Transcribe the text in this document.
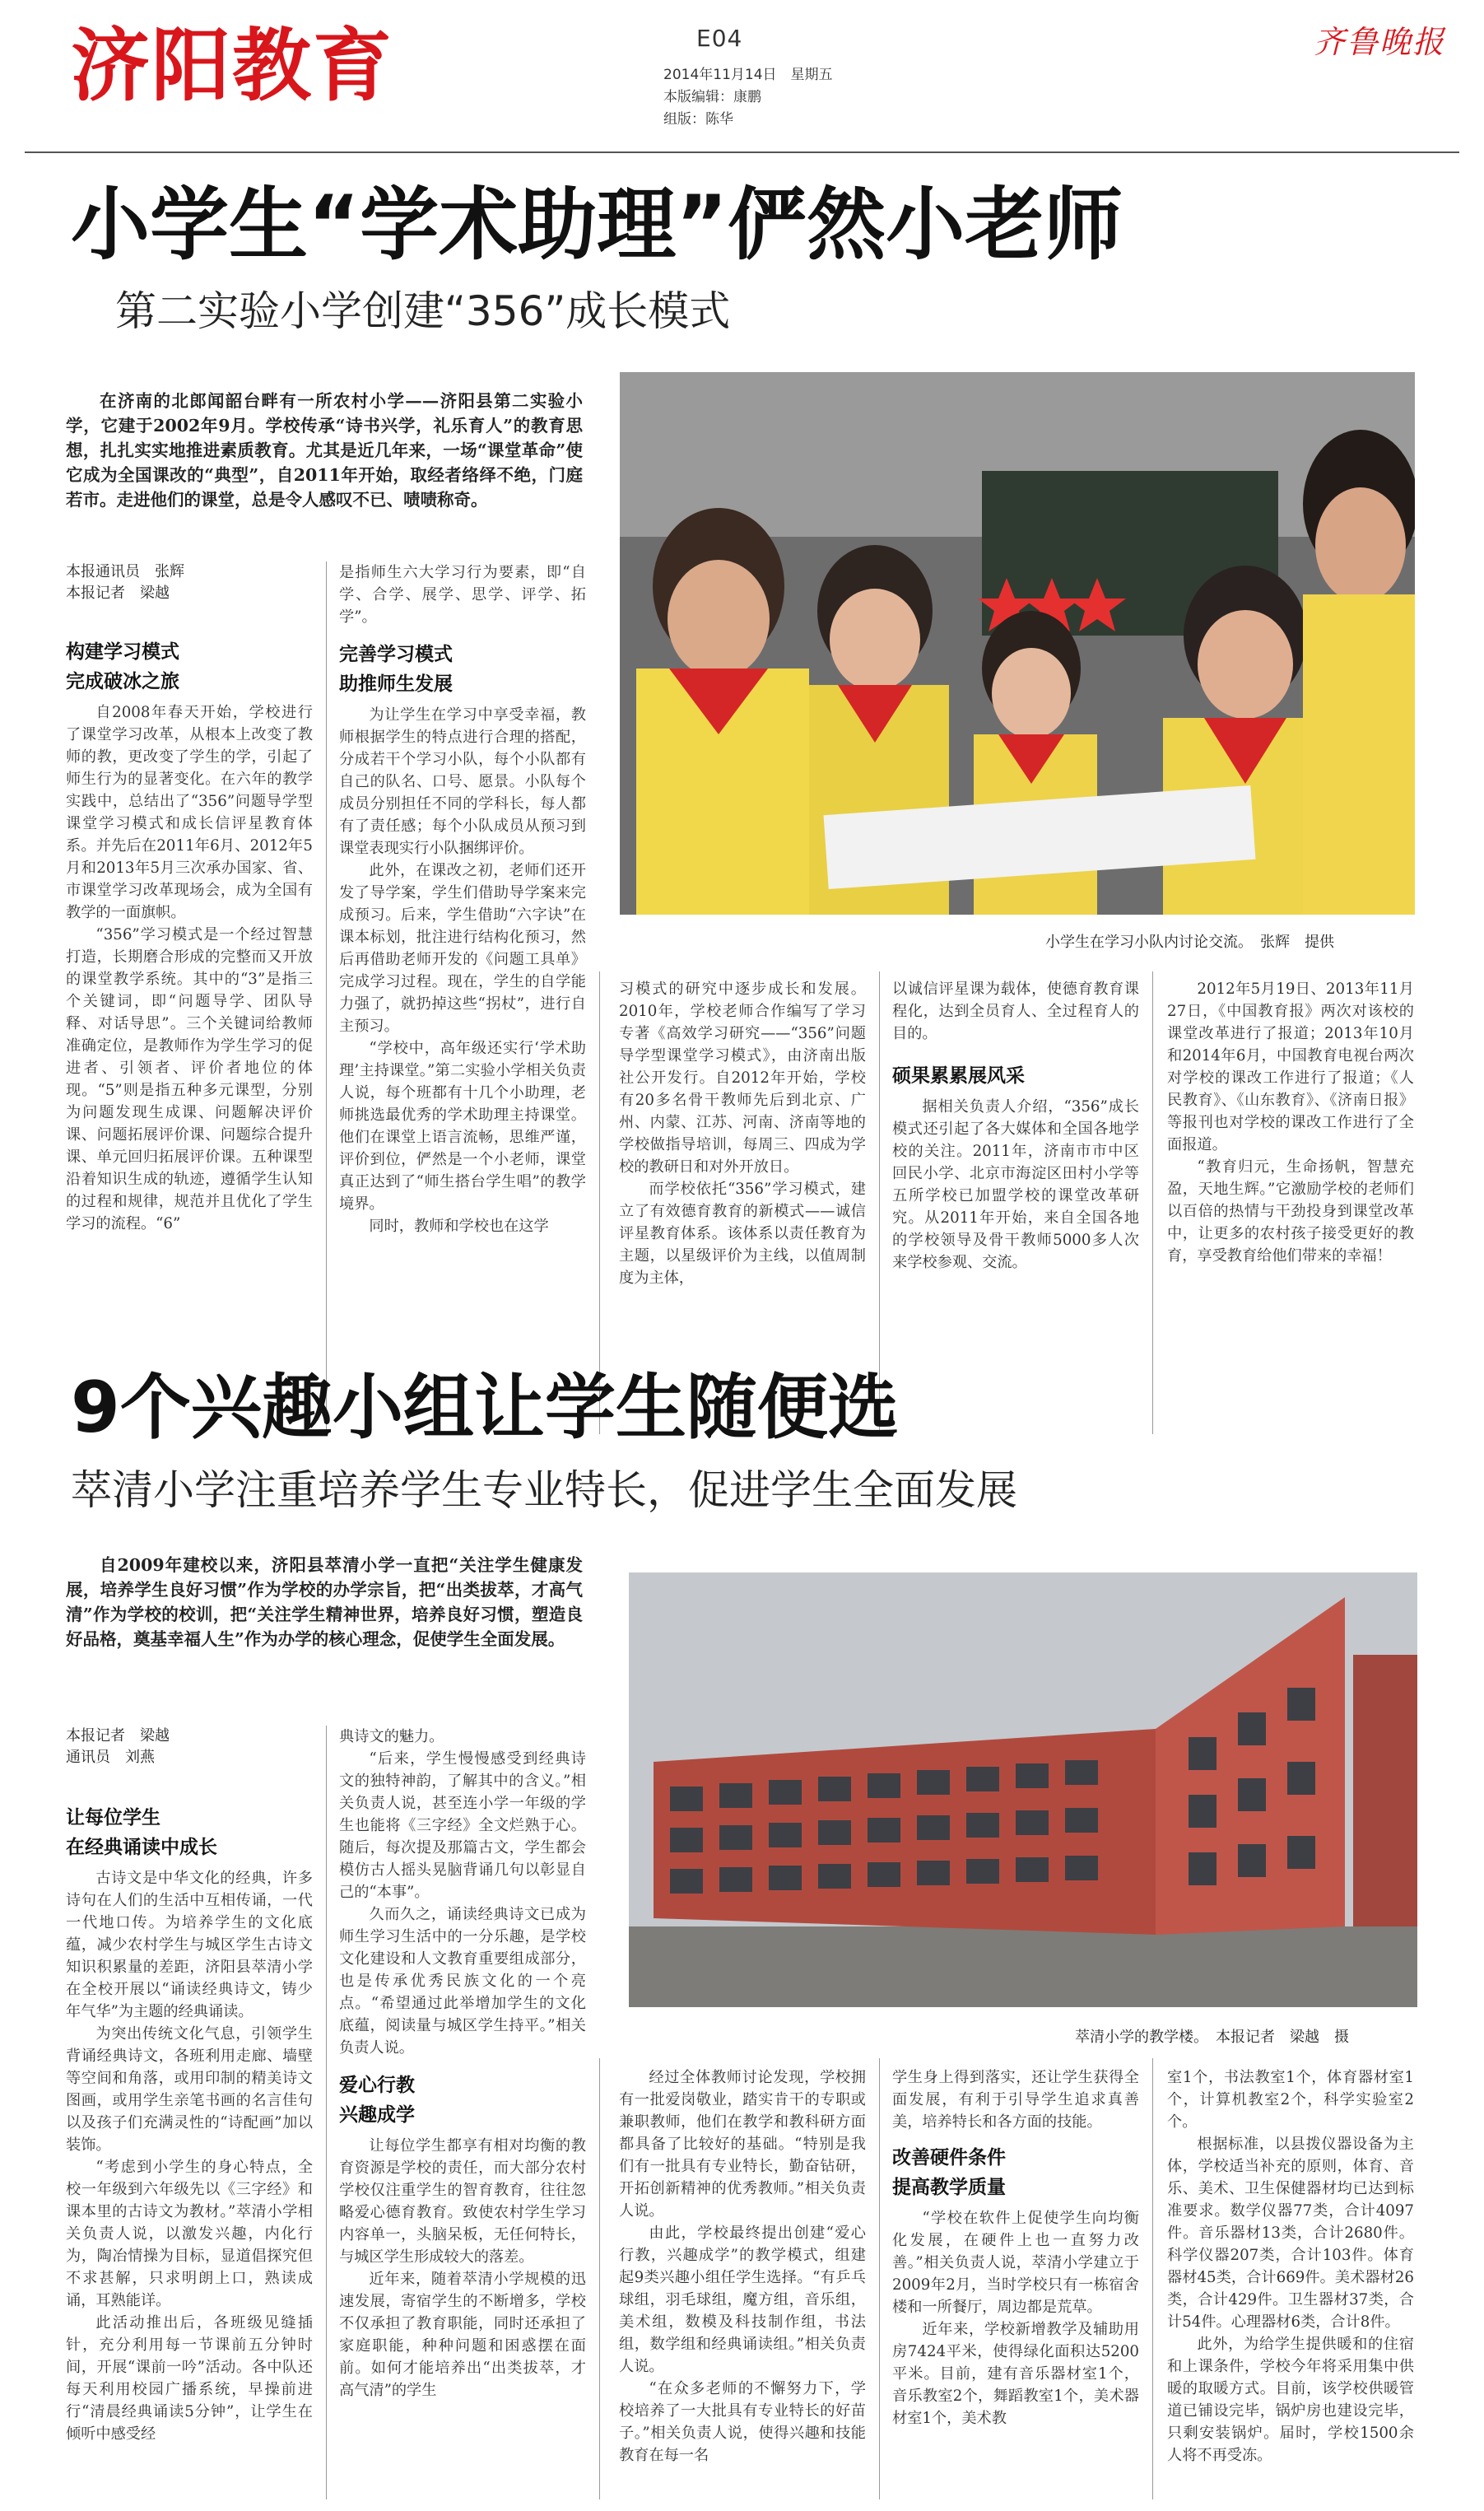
济阳教育	E04
2014年11月14日　星期五
本版编辑：康鹏
组版：陈华
齐鲁晚报
小学生“学术助理”俨然小老师
第二实验小学创建“356”成长模式
在济南的北郎闻韶台畔有一所农村小学——济阳县第二实验小学，它建于2002年9月。学校传承“诗书兴学，礼乐育人”的教育思想，扎扎实实地推进素质教育。尤其是近几年来，一场“课堂革命”使它成为全国课改的“典型”，自2011年开始，取经者络绎不绝，门庭若市。走进他们的课堂，总是令人感叹不已、啧啧称奇。
小学生在学习小队内讨论交流。　张辉　提供
本报通讯员　张辉
本报记者　梁越
构建学习模式
完成破冰之旅

自2008年春天开始，学校进行了课堂学习改革，从根本上改变了教师的教，更改变了学生的学，引起了师生行为的显著变化。在六年的教学实践中，总结出了“356”问题导学型课堂学习模式和成长信评星教育体系。并先后在2011年6月、2012年5月和2013年5月三次承办国家、省、市课堂学习改革现场会，成为全国有教学的一面旗帜。

“356”学习模式是一个经过智慧打造，长期磨合形成的完整而又开放的课堂教学系统。其中的“3”是指三个关键词，即“问题导学、团队导释、对话导思”。三个关键词给教师准确定位，是教师作为学生学习的促进者、引领者、评价者地位的体现。“5”则是指五种多元课型，分别为问题发现生成课、问题解决评价课、问题拓展评价课、问题综合提升课、单元回归拓展评价课。五种课型沿着知识生成的轨迹，遵循学生认知的过程和规律，规范并且优化了学生学习的流程。“6”

是指师生六大学习行为要素，即“自学、合学、展学、思学、评学、拓学”。

完善学习模式
助推师生发展

为让学生在学习中享受幸福，教师根据学生的特点进行合理的搭配，分成若干个学习小队，每个小队都有自己的队名、口号、愿景。小队每个成员分别担任不同的学科长，每人都有了责任感；每个小队成员从预习到课堂表现实行小队捆绑评价。

此外，在课改之初，老师们还开发了导学案，学生们借助导学案来完成预习。后来，学生借助“六字诀”在课本标划，批注进行结构化预习，然后再借助老师开发的《问题工具单》完成学习过程。现在，学生的自学能力强了，就扔掉这些“拐杖”，进行自主预习。

“学校中，高年级还实行‘学术助理’主持课堂。”第二实验小学相关负责人说，每个班都有十几个小助理，老师挑选最优秀的学术助理主持课堂。他们在课堂上语言流畅，思维严谨，评价到位，俨然是一个小老师，课堂真正达到了“师生搭台学生唱”的教学境界。

同时，教师和学校也在这学

习模式的研究中逐步成长和发展。2010年，学校老师合作编写了学习专著《高效学习研究——“356”问题导学型课堂学习模式》，由济南出版社公开发行。自2012年开始，学校有20多名骨干教师先后到北京、广州、内蒙、江苏、河南、济南等地的学校做指导培训，每周三、四成为学校的教研日和对外开放日。

而学校依托“356”学习模式，建立了有效德育教育的新模式——诚信评星教育体系。该体系以责任教育为主题，以星级评价为主线，以值周制度为主体，

以诚信评星课为载体，使德育教育课程化，达到全员育人、全过程育人的目的。

硕果累累展风采

据相关负责人介绍，“356”成长模式还引起了各大媒体和全国各地学校的关注。2011年，济南市市中区回民小学、北京市海淀区田村小学等五所学校已加盟学校的课堂改革研究。从2011年开始，来自全国各地的学校领导及骨干教师5000多人次来学校参观、交流。

2012年5月19日、2013年11月27日，《中国教育报》两次对该校的课堂改革进行了报道；2013年10月和2014年6月，中国教育电视台两次对学校的课改工作进行了报道；《人民教育》、《山东教育》、《济南日报》等报刊也对学校的课改工作进行了全面报道。

“教育归元，生命扬帆，智慧充盈，天地生辉。”它激励学校的老师们以百倍的热情与干劲投身到课堂改革中，让更多的农村孩子接受更好的教育，享受教育给他们带来的幸福！

9个兴趣小组让学生随便选
萃清小学注重培养学生专业特长，促进学生全面发展
自2009年建校以来，济阳县萃清小学一直把“关注学生健康发展，培养学生良好习惯”作为学校的办学宗旨，把“出类拔萃，才高气清”作为学校的校训，把“关注学生精神世界，培养良好习惯，塑造良好品格，奠基幸福人生”作为办学的核心理念，促使学生全面发展。
萃清小学的教学楼。　本报记者　梁越　摄
本报记者　梁越
通讯员　刘燕
让每位学生
在经典诵读中成长

古诗文是中华文化的经典，许多诗句在人们的生活中互相传诵，一代一代地口传。为培养学生的文化底蕴，减少农村学生与城区学生古诗文知识积累量的差距，济阳县萃清小学在全校开展以“诵读经典诗文，铸少年气华”为主题的经典诵读。

为突出传统文化气息，引领学生背诵经典诗文，各班利用走廊、墙壁等空间和角落，或用印制的精美诗文图画，或用学生亲笔书画的名言佳句以及孩子们充满灵性的“诗配画”加以装饰。

“考虑到小学生的身心特点，全校一年级到六年级先以《三字经》和课本里的古诗文为教材。”萃清小学相关负责人说，以激发兴趣，内化行为，陶冶情操为目标，显道倡探究但不求甚解，只求明朗上口，熟读成诵，耳熟能详。

此活动推出后，各班级见缝插针，充分利用每一节课前五分钟时间，开展“课前一吟”活动。各中队还每天利用校园广播系统，早操前进行“清晨经典诵读5分钟”，让学生在倾听中感受经

典诗文的魅力。

“后来，学生慢慢感受到经典诗文的独特神韵，了解其中的含义。”相关负责人说，甚至连小学一年级的学生也能将《三字经》全文烂熟于心。随后，每次提及那篇古文，学生都会模仿古人摇头晃脑背诵几句以彰显自己的“本事”。

久而久之，诵读经典诗文已成为师生学习生活中的一分乐趣，是学校文化建设和人文教育重要组成部分，也是传承优秀民族文化的一个亮点。“希望通过此举增加学生的文化底蕴，阅读量与城区学生持平。”相关负责人说。

爱心行教
兴趣成学

让每位学生都享有相对均衡的教育资源是学校的责任，而大部分农村学校仅注重学生的智育教育，往往忽略爱心德育教育。致使农村学生学习内容单一，头脑呆板，无任何特长，与城区学生形成较大的落差。

近年来，随着萃清小学规模的迅速发展，寄宿学生的不断增多，学校不仅承担了教育职能，同时还承担了家庭职能，种种问题和困惑摆在面前。如何才能培养出“出类拔萃，才高气清”的学生

经过全体教师讨论发现，学校拥有一批爱岗敬业，踏实肯干的专职或兼职教师，他们在教学和教科研方面都具备了比较好的基础。“特别是我们有一批具有专业特长，勤奋钻研，开拓创新精神的优秀教师。”相关负责人说。

由此，学校最终提出创建“爱心行教，兴趣成学”的教学模式，组建起9类兴趣小组任学生选择。“有乒乓球组，羽毛球组，魔方组，音乐组，美术组，数模及科技制作组，书法组，数学组和经典诵读组。”相关负责人说。

“在众多老师的不懈努力下，学校培养了一大批具有专业特长的好苗子。”相关负责人说，使得兴趣和技能教育在每一名

学生身上得到落实，还让学生获得全面发展，有利于引导学生追求真善美，培养特长和各方面的技能。

改善硬件条件
提高教学质量

“学校在软件上促使学生向均衡化发展，在硬件上也一直努力改善。”相关负责人说，萃清小学建立于2009年2月，当时学校只有一栋宿舍楼和一所餐厅，周边都是荒草。

近年来，学校新增教学及辅助用房7424平米，使得绿化面积达5200平米。目前，建有音乐器材室1个，音乐教室2个，舞蹈教室1个，美术器材室1个，美术教

室1个，书法教室1个，体育器材室1个，计算机教室2个，科学实验室2个。

根据标准，以县拨仪器设备为主体，学校适当补充的原则，体育、音乐、美术、卫生保健器材均已达到标准要求。数学仪器77类，合计4097件。音乐器材13类，合计2680件。科学仪器207类，合计103件。体育器材45类，合计669件。美术器材26类，合计429件。卫生器材37类，合计54件。心理器材6类，合计8件。

此外，为给学生提供暖和的住宿和上课条件，学校今年将采用集中供暖的取暖方式。目前，该学校供暖管道已铺设完毕，锅炉房也建设完毕，只剩安装锅炉。届时，学校1500余人将不再受冻。
